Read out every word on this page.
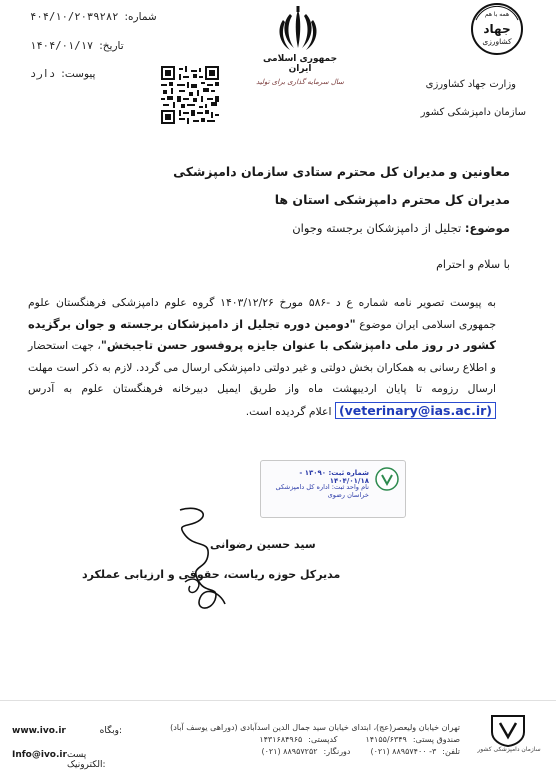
شماره:
۴۰۴/۱۰/۲۰۳۹۲۸۲
تاریخ:
۱۴۰۴/۰۱/۱۷
پیوست:
دارد
جمهوری اسلامی ایران
سال سرمایه گذاری برای تولید
همه با هم
جهاد
کشاورزی
وزارت جهاد کشاورزی
سازمان دامپزشکی کشور
معاونین و مدیران کل محترم ستادی سازمان دامپزشکی
مدیران کل محترم دامپزشکی استان ها
موضوع: تجلیل از دامپزشکان برجسته وجوان
با سلام و احترام
به پیوست تصویر نامه شماره ع د -۵۸۶ مورخ ۱۴۰۳/۱۲/۲۶ گروه علوم دامپزشکی فرهنگستان علوم جمهوری اسلامی ایران موضوع "دومین دوره تجلیل از دامپزشکان برجسته و جوان برگزیده کشور در روز ملی دامپزشکی با عنوان جایزه پروفسور حسن تاجبخش"، جهت استحضار و اطلاع رسانی به همکاران بخش دولتی و غیر دولتی دامپزشکی ارسال می گردد. لازم به ذکر است مهلت ارسال رزومه تا پایان اردیبهشت ماه واز طریق ایمیل دبیرخانه فرهنگستان علوم به آدرس (veterinary@ias.ac.ir) اعلام گردیده است.
شماره ثبت: ۱۳۰۹۰ - ۱۴۰۴/۰۱/۱۸
نام واحد ثبت: اداره کل دامپزشکی خراسان رضوی
سید حسین رضوانی
مدیرکل حوزه ریاست، حقوقی و ارزیابی عملکرد
تهران خیابان ولیعصر(عج)، ابتدای خیابان سید جمال الدین اسدآبادی (دوراهی یوسف آباد)
صندوق پستی:
۱۴۱۵۵/۶۳۴۹
کدپستی:
۱۴۳۱۶۸۴۹۶۵
تلفن:
۳- ۸۸۹۵۷۴۰۰ (۰۲۱)
دورنگار:
۸۸۹۵۷۲۵۲ (۰۲۱)
www.ivo.ir	وبگاه:
Info@ivo.ir پست الکترونیک:
سازمان دامپزشکی کشور
